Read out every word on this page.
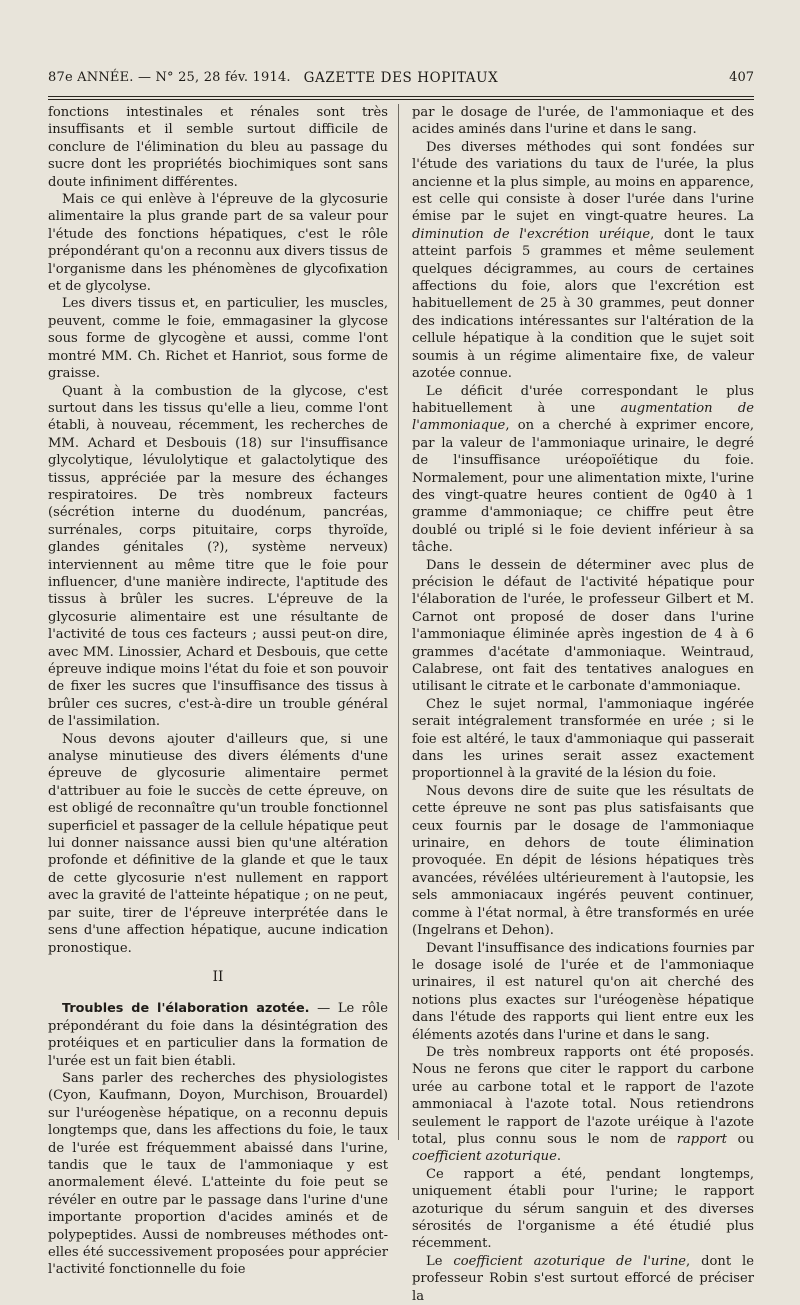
87e ANNÉE. — N° 25, 28 fév. 1914. GAZETTE DES HOPITAUX	407

fonctions intestinales et rénales sont très insuffisants et il semble surtout difficile de conclure de l'élimination du bleu au passage du sucre dont les propriétés biochimiques sont sans doute infiniment différentes.

Mais ce qui enlève à l'épreuve de la glycosurie alimentaire la plus grande part de sa valeur pour l'étude des fonctions hépatiques, c'est le rôle prépondérant qu'on a reconnu aux divers tissus de l'organisme dans les phénomènes de glycofixation et de glycolyse.

Les divers tissus et, en particulier, les muscles, peuvent, comme le foie, emmagasiner la glycose sous forme de glycogène et aussi, comme l'ont montré MM. Ch. Richet et Hanriot, sous forme de graisse.

Quant à la combustion de la glycose, c'est surtout dans les tissus qu'elle a lieu, comme l'ont établi, à nouveau, récemment, les recherches de MM. Achard et Desbouis (18) sur l'insuffisance glycolytique, lévulolytique et galactolytique des tissus, appréciée par la mesure des échanges respiratoires. De très nombreux facteurs (sécrétion interne du duodénum, pancréas, surrénales, corps pituitaire, corps thyroïde, glandes génitales (?), système nerveux) interviennent au même titre que le foie pour influencer, d'une manière indirecte, l'aptitude des tissus à brûler les sucres. L'épreuve de la glycosurie alimentaire est une résultante de l'activité de tous ces facteurs ; aussi peut-on dire, avec MM. Linossier, Achard et Desbouis, que cette épreuve indique moins l'état du foie et son pouvoir de fixer les sucres que l'insuffisance des tissus à brûler ces sucres, c'est-à-dire un trouble général de l'assimilation.

Nous devons ajouter d'ailleurs que, si une analyse minutieuse des divers éléments d'une épreuve de glycosurie alimentaire permet d'attribuer au foie le succès de cette épreuve, on est obligé de reconnaître qu'un trouble fonctionnel superficiel et passager de la cellule hépatique peut lui donner naissance aussi bien qu'une altération profonde et définitive de la glande et que le taux de cette glycosurie n'est nullement en rapport avec la gravité de l'atteinte hépatique ; on ne peut, par suite, tirer de l'épreuve interprétée dans le sens d'une affection hépatique, aucune indication pronostique.

II

Troubles de l'élaboration azotée. — Le rôle prépondérant du foie dans la désintégration des protéiques et en particulier dans la formation de l'urée est un fait bien établi.

Sans parler des recherches des physiologistes (Cyon, Kaufmann, Doyon, Murchison, Brouardel) sur l'uréogenèse hépatique, on a reconnu depuis longtemps que, dans les affections du foie, le taux de l'urée est fréquemment abaissé dans l'urine, tandis que le taux de l'ammoniaque y est anormalement élevé. L'atteinte du foie peut se révéler en outre par le passage dans l'urine d'une importante proportion d'acides aminés et de polypeptides. Aussi de nombreuses méthodes ont-elles été successivement proposées pour apprécier l'activité fonctionnelle du foie

par le dosage de l'urée, de l'ammoniaque et des acides aminés dans l'urine et dans le sang.

Des diverses méthodes qui sont fondées sur l'étude des variations du taux de l'urée, la plus ancienne et la plus simple, au moins en apparence, est celle qui consiste à doser l'urée dans l'urine émise par le sujet en vingt-quatre heures. La diminution de l'excrétion uréique, dont le taux atteint parfois 5 grammes et même seulement quelques décigrammes, au cours de certaines affections du foie, alors que l'excrétion est habituellement de 25 à 30 grammes, peut donner des indications intéressantes sur l'altération de la cellule hépatique à la condition que le sujet soit soumis à un régime alimentaire fixe, de valeur azotée connue.

Le déficit d'urée correspondant le plus habituellement à une augmentation de l'ammoniaque, on a cherché à exprimer encore, par la valeur de l'ammoniaque urinaire, le degré de l'insuffisance uréopoïétique du foie. Normalement, pour une alimentation mixte, l'urine des vingt-quatre heures contient de 0g40 à 1 gramme d'ammoniaque; ce chiffre peut être doublé ou triplé si le foie devient inférieur à sa tâche.

Dans le dessein de déterminer avec plus de précision le défaut de l'activité hépatique pour l'élaboration de l'urée, le professeur Gilbert et M. Carnot ont proposé de doser dans l'urine l'ammoniaque éliminée après ingestion de 4 à 6 grammes d'acétate d'ammoniaque. Weintraud, Calabrese, ont fait des tentatives analogues en utilisant le citrate et le carbonate d'ammoniaque.

Chez le sujet normal, l'ammoniaque ingérée serait intégralement transformée en urée ; si le foie est altéré, le taux d'ammoniaque qui passerait dans les urines serait assez exactement proportionnel à la gravité de la lésion du foie.

Nous devons dire de suite que les résultats de cette épreuve ne sont pas plus satisfaisants que ceux fournis par le dosage de l'ammoniaque urinaire, en dehors de toute élimination provoquée. En dépit de lésions hépatiques très avancées, révélées ultérieurement à l'autopsie, les sels ammoniacaux ingérés peuvent continuer, comme à l'état normal, à être transformés en urée (Ingelrans et Dehon).

Devant l'insuffisance des indications fournies par le dosage isolé de l'urée et de l'ammoniaque urinaires, il est naturel qu'on ait cherché des notions plus exactes sur l'uréogenèse hépatique dans l'étude des rapports qui lient entre eux les éléments azotés dans l'urine et dans le sang.

De très nombreux rapports ont été proposés. Nous ne ferons que citer le rapport du carbone urée au carbone total et le rapport de l'azote ammoniacal à l'azote total. Nous retiendrons seulement le rapport de l'azote uréique à l'azote total, plus connu sous le nom de rapport ou coefficient azoturique.

Ce rapport a été, pendant longtemps, uniquement établi pour l'urine; le rapport azoturique du sérum sanguin et des diverses sérosités de l'organisme a été étudié plus récemment.

Le coefficient azoturique de l'urine, dont le professeur Robin s'est surtout efforcé de préciser la
